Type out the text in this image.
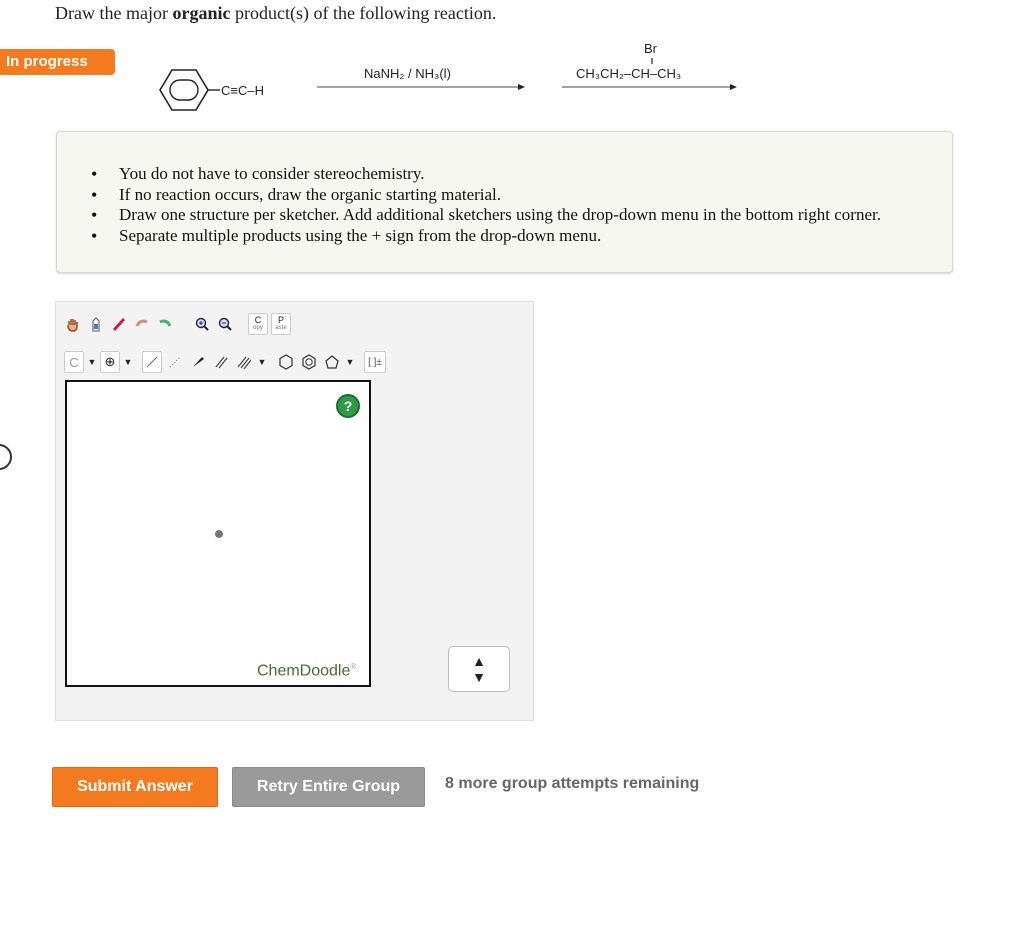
Draw the major organic product(s) of the following reaction.
In progress
C≡C–H
NaNH₂ / NH₃(l)	CH₃CH₂–CH–CH₃
Br
• You do not have to consider stereochemistry.
• If no reaction occurs, draw the organic starting material.
• Draw one structure per sketcher. Add additional sketchers using the drop-down menu in the bottom right corner.
• Separate multiple products using the + sign from the drop-down menu.
C
opy
P
aste
C ▼ ⊕ ▼	▼	▼	[ ]±
?
ChemDoodle®	▲
▼
Submit Answer	Retry Entire Group	8 more group attempts remaining
